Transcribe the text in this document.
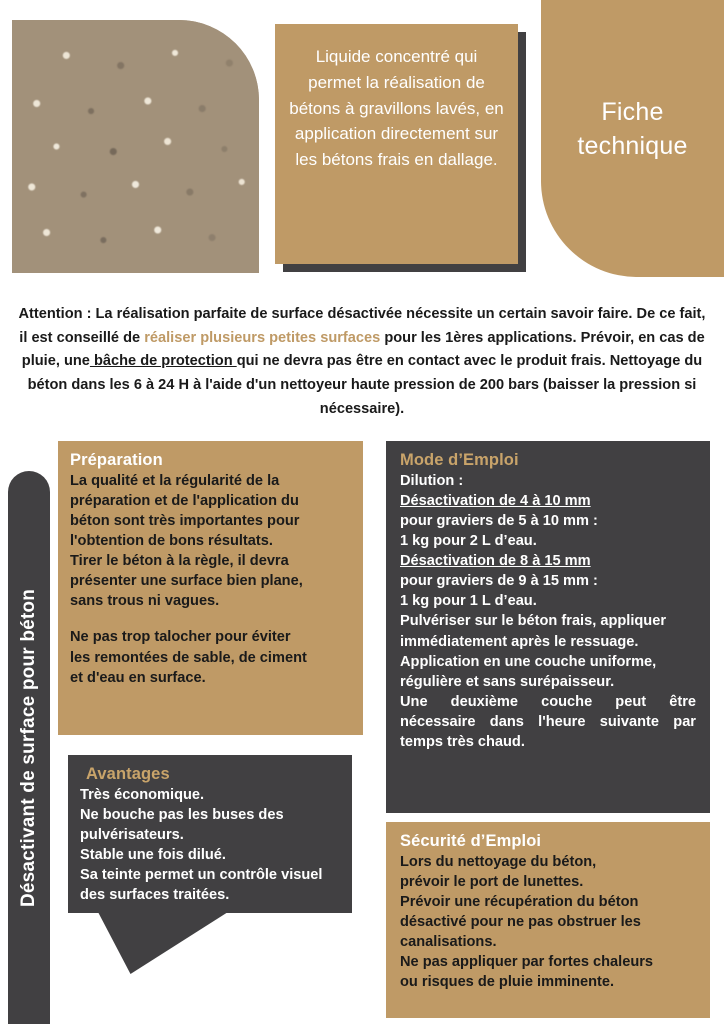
Fiche
technique
Liquide concentré qui permet la réalisation de bétons à gravillons lavés, en application directement sur les bétons frais en dallage.
Attention : La réalisation parfaite de surface désactivée nécessite un certain savoir faire. De ce fait, il est conseillé de réaliser plusieurs petites surfaces pour les 1ères applications. Prévoir, en cas de pluie, une bâche de protection qui ne devra pas être en contact avec le produit frais. Nettoyage du béton dans les 6 à 24 H à l'aide d'un nettoyeur haute pression de 200 bars (baisser la pression si nécessaire).
Désactivant de surface pour béton
Préparation
La qualité et la régularité de la
préparation et de l'application du
béton sont très importantes pour
l'obtention de bons résultats.
Tirer le béton à la règle, il devra
présenter une surface bien plane,
sans trous ni vagues.
Ne pas trop talocher pour éviter
les remontées de sable, de ciment
et d'eau en surface.
Mode d’Emploi
Dilution :
Désactivation de 4 à 10 mm
pour graviers de 5 à 10 mm :
1 kg pour 2 L d’eau.
Désactivation de 8 à 15 mm
pour graviers de 9 à 15 mm :
1 kg pour 1 L d’eau.
Pulvériser sur le béton frais, appliquer
immédiatement après le ressuage.
Application en une couche uniforme,
régulière et sans surépaisseur.
Une deuxième couche peut être nécessaire dans l'heure suivante par temps très chaud.
Avantages
Très économique.
Ne bouche pas les buses des
pulvérisateurs.
Stable une fois dilué.
Sa teinte permet un contrôle visuel
des surfaces traitées.
Sécurité d’Emploi
Lors du nettoyage du béton,
prévoir le port de lunettes.
Prévoir une récupération du béton
désactivé pour ne pas obstruer les
canalisations.
Ne pas appliquer par fortes chaleurs
ou risques de pluie imminente.
